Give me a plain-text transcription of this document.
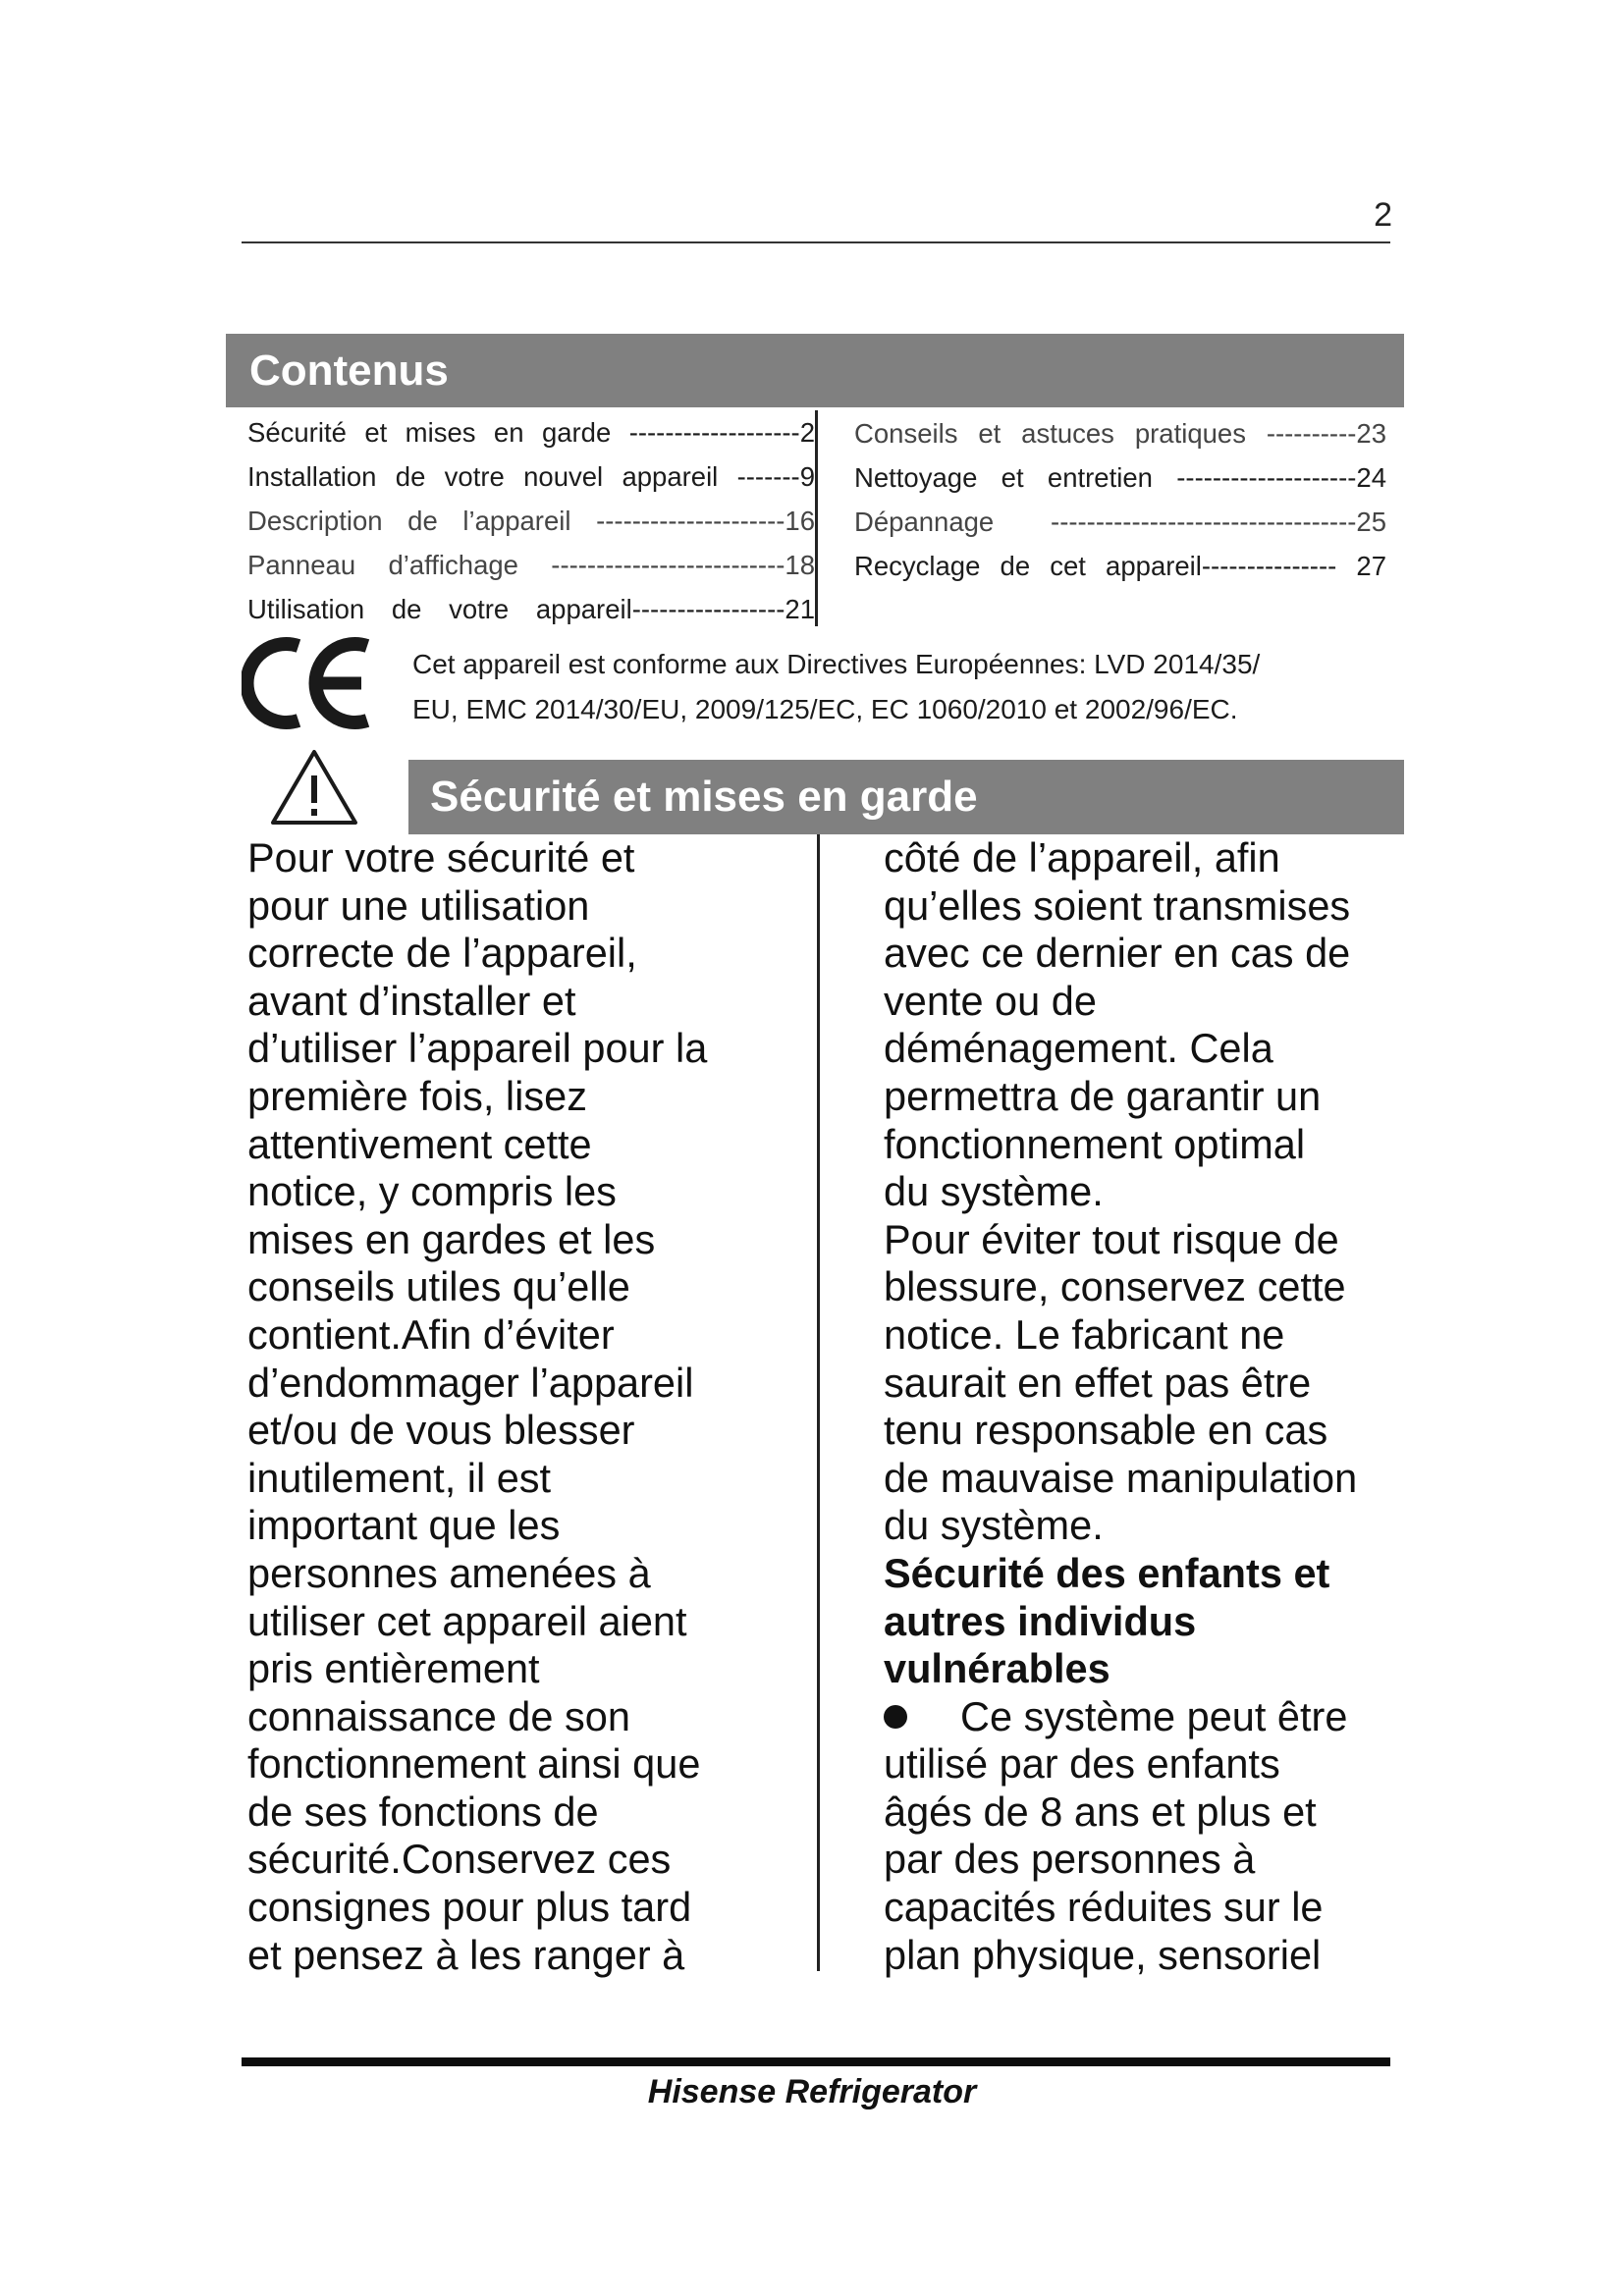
2
Contenus
Sécurité et mises en garde -------------------2
Installation de votre nouvel appareil -------9
Description de l’appareil ---------------------16
Panneau d’affichage --------------------------18
Utilisation de votre appareil-----------------21
Conseils et astuces pratiques ----------23
Nettoyage et entretien --------------------24
Dépannage ----------------------------------25
Recyclage de cet appareil--------------- 27
Cet appareil est conforme aux Directives Européennes: LVD 2014/35/
EU, EMC 2014/30/EU, 2009/125/EC, EC 1060/2010 et 2002/96/EC.
Sécurité et mises en garde
Pour votre sécurité et
pour une utilisation
correcte de l’appareil,
avant d’installer et
d’utiliser l’appareil pour la
première fois, lisez
attentivement cette
notice, y compris les
mises en gardes et les
conseils utiles qu’elle
contient.Afin d’éviter
d’endommager l’appareil
et/ou de vous blesser
inutilement, il est
important que les
personnes amenées à
utiliser cet appareil aient
pris entièrement
connaissance de son
fonctionnement ainsi que
de ses fonctions de
sécurité.Conservez ces
consignes pour plus tard
et pensez à les ranger à
côté de l’appareil, afin
qu’elles soient transmises
avec ce dernier en cas de
vente ou de
déménagement. Cela
permettra de garantir un
fonctionnement optimal
du système.
Pour éviter tout risque de
blessure, conservez cette
notice. Le fabricant ne
saurait en effet pas être
tenu responsable en cas
de mauvaise manipulation
du système.
Sécurité des enfants et
autres individus
vulnérables
Ce système peut être
utilisé par des enfants
âgés de 8 ans et plus et
par des personnes à
capacités réduites sur le
plan physique, sensoriel
Hisense Refrigerator
